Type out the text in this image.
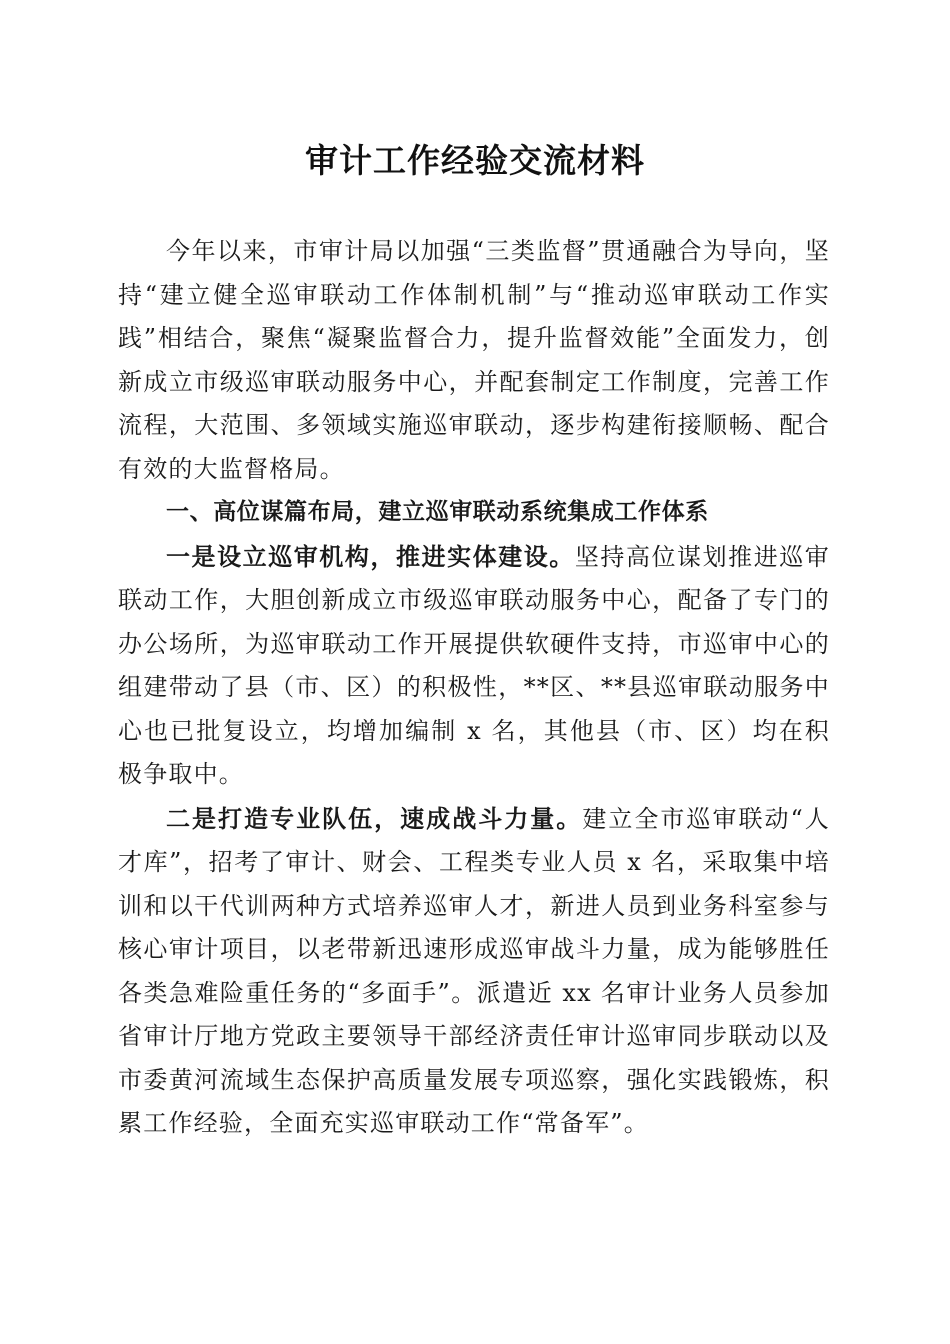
审计工作经验交流材料

今年以来，市审计局以加强“三类监督”贯通融合为导向，坚持“建立健全巡审联动工作体制机制”与“推动巡审联动工作实践”相结合，聚焦“凝聚监督合力，提升监督效能”全面发力，创新成立市级巡审联动服务中心，并配套制定工作制度，完善工作流程，大范围、多领域实施巡审联动，逐步构建衔接顺畅、配合有效的大监督格局。

一、高位谋篇布局，建立巡审联动系统集成工作体系

一是设立巡审机构，推进实体建设。坚持高位谋划推进巡审联动工作，大胆创新成立市级巡审联动服务中心，配备了专门的办公场所，为巡审联动工作开展提供软硬件支持，市巡审中心的组建带动了县（市、区）的积极性，**区、**县巡审联动服务中心也已批复设立，均增加编制 x 名，其他县（市、区）均在积极争取中。

二是打造专业队伍，速成战斗力量。建立全市巡审联动“人才库”，招考了审计、财会、工程类专业人员 x 名，采取集中培训和以干代训两种方式培养巡审人才，新进人员到业务科室参与核心审计项目，以老带新迅速形成巡审战斗力量，成为能够胜任各类急难险重任务的“多面手”。派遣近 xx 名审计业务人员参加省审计厅地方党政主要领导干部经济责任审计巡审同步联动以及市委黄河流域生态保护高质量发展专项巡察，强化实践锻炼，积累工作经验，全面充实巡审联动工作“常备军”。
